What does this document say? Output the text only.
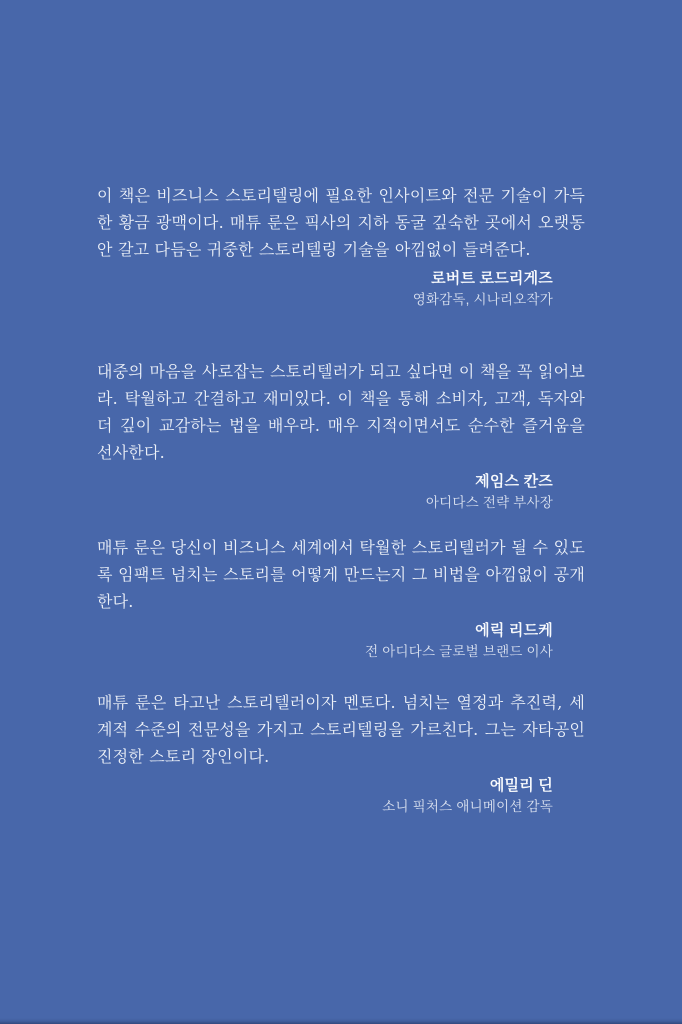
이 책은 비즈니스 스토리텔링에 필요한 인사이트와 전문 기술이 가득한 황금 광맥이다. 매튜 룬은 픽사의 지하 동굴 깊숙한 곳에서 오랫동안 갈고 다듬은 귀중한 스토리텔링 기술을 아낌없이 들려준다.

로버트 로드리게즈
영화감독, 시나리오작가

대중의 마음을 사로잡는 스토리텔러가 되고 싶다면 이 책을 꼭 읽어보라. 탁월하고 간결하고 재미있다. 이 책을 통해 소비자, 고객, 독자와 더 깊이 교감하는 법을 배우라. 매우 지적이면서도 순수한 즐거움을 선사한다.

제임스 칸즈
아디다스 전략 부사장

매튜 룬은 당신이 비즈니스 세계에서 탁월한 스토리텔러가 될 수 있도록 임팩트 넘치는 스토리를 어떻게 만드는지 그 비법을 아낌없이 공개한다.

에릭 리드케
전 아디다스 글로벌 브랜드 이사

매튜 룬은 타고난 스토리텔러이자 멘토다. 넘치는 열정과 추진력, 세계적 수준의 전문성을 가지고 스토리텔링을 가르친다. 그는 자타공인 진정한 스토리 장인이다.

에밀리 딘
소니 픽처스 애니메이션 감독
